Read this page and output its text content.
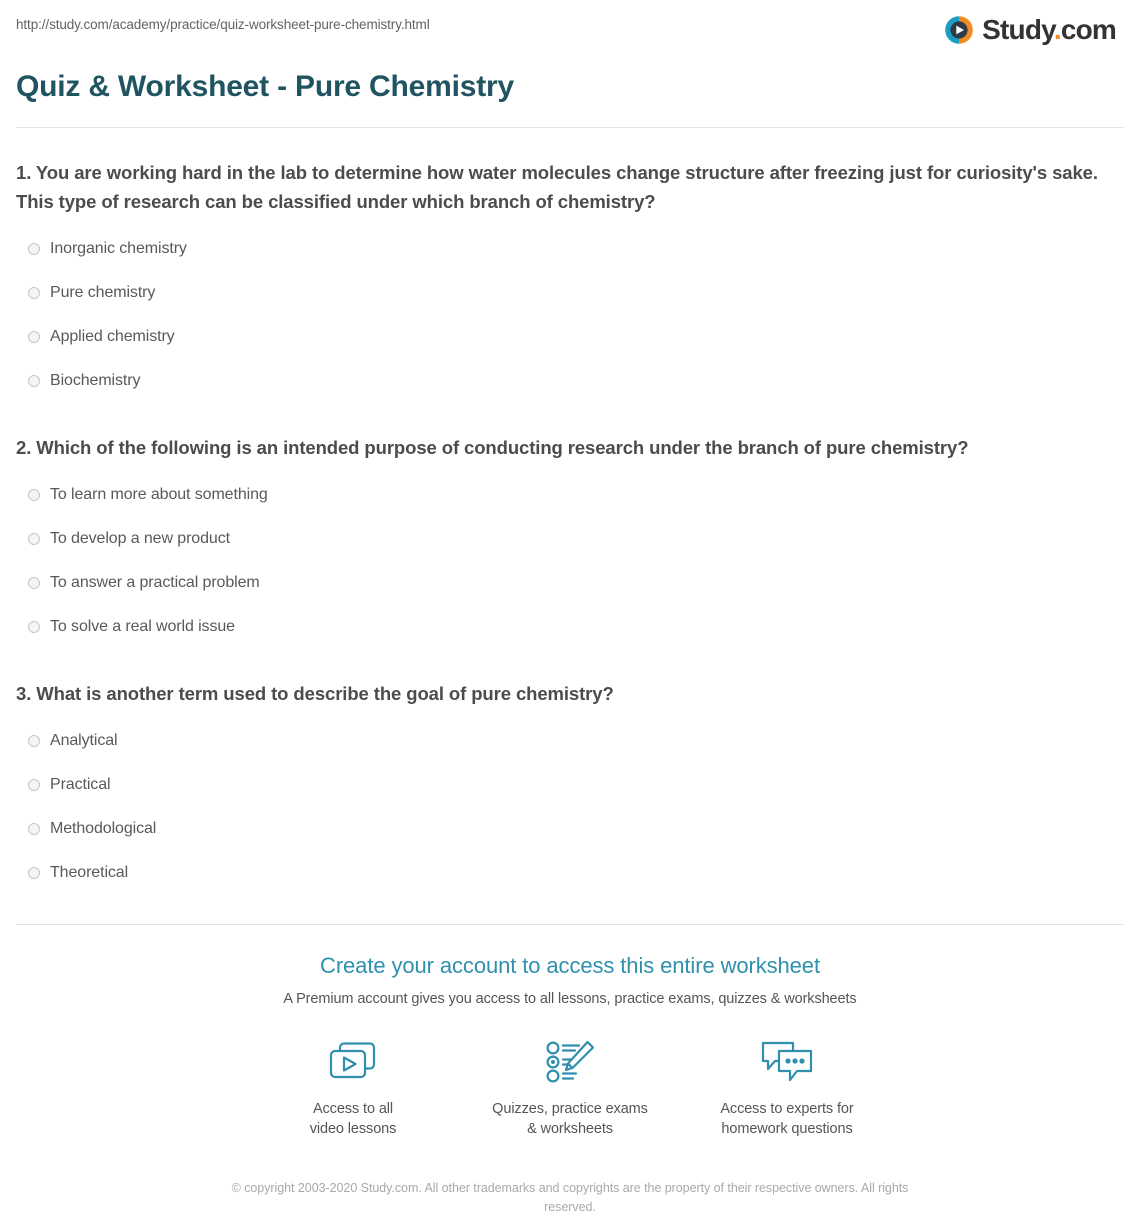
http://study.com/academy/practice/quiz-worksheet-pure-chemistry.html	Study.com
Quiz & Worksheet - Pure Chemistry

1. You are working hard in the lab to determine how water molecules change structure after freezing just for curiosity's sake. This type of research can be classified under which branch of chemistry?

Inorganic chemistry
Pure chemistry
Applied chemistry
Biochemistry

2. Which of the following is an intended purpose of conducting research under the branch of pure chemistry?

To learn more about something
To develop a new product
To answer a practical problem
To solve a real world issue

3. What is another term used to describe the goal of pure chemistry?

Analytical
Practical
Methodological
Theoretical
Create your account to access this entire worksheet
A Premium account gives you access to all lessons, practice exams, quizzes & worksheets
Access to all
video lessons
Quizzes, practice exams
& worksheets
Access to experts for
homework questions
© copyright 2003-2020 Study.com. All other trademarks and copyrights are the property of their respective owners. All rights reserved.
